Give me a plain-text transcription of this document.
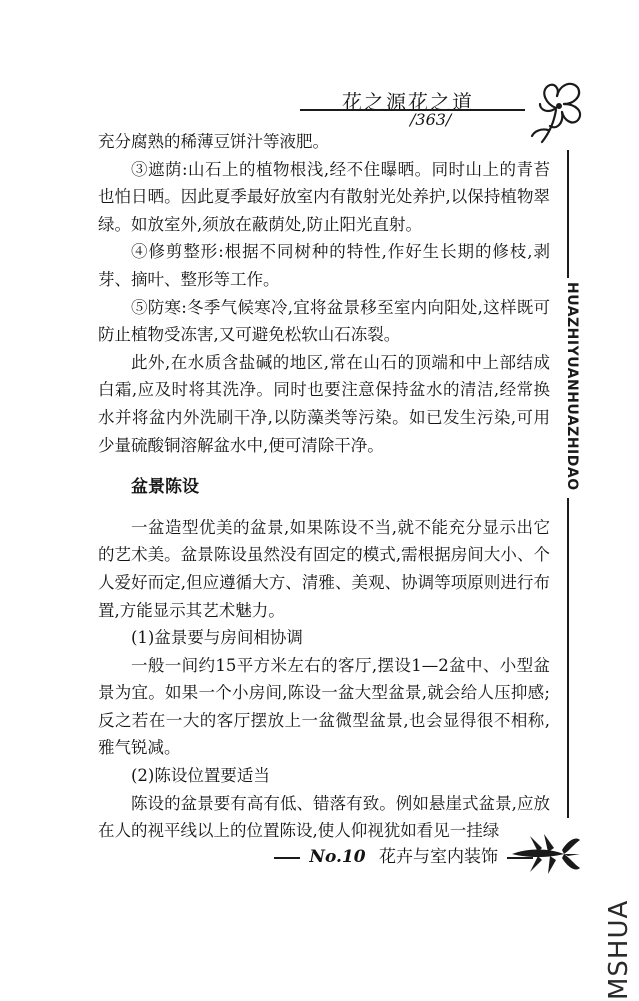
花之源花之道
/363/
HUAZHIYUANHUAZHIDAO

充分腐熟的稀薄豆饼汁等液肥。

③遮荫:山石上的植物根浅,经不住曝晒。同时山上的青苔也怕日晒。因此夏季最好放室内有散射光处养护,以保持植物翠绿。如放室外,须放在蔽荫处,防止阳光直射。

④修剪整形:根据不同树种的特性,作好生长期的修枝,剥芽、摘叶、整形等工作。

⑤防寒:冬季气候寒冷,宜将盆景移至室内向阳处,这样既可防止植物受冻害,又可避免松软山石冻裂。

此外,在水质含盐碱的地区,常在山石的顶端和中上部结成白霜,应及时将其洗净。同时也要注意保持盆水的清洁,经常换水并将盆内外洗刷干净,以防藻类等污染。如已发生污染,可用少量硫酸铜溶解盆水中,便可清除干净。

盆景陈设

一盆造型优美的盆景,如果陈设不当,就不能充分显示出它的艺术美。盆景陈设虽然没有固定的模式,需根据房间大小、个人爱好而定,但应遵循大方、清雅、美观、协调等项原则进行布置,方能显示其艺术魅力。

(1)盆景要与房间相协调

一般一间约15平方米左右的客厅,摆设1—2盆中、小型盆景为宜。如果一个小房间,陈设一盆大型盆景,就会给人压抑感;反之若在一大的客厅摆放上一盆微型盆景,也会显得很不相称,雅气锐减。

(2)陈设位置要适当

陈设的盆景要有高有低、错落有致。例如悬崖式盆景,应放在人的视平线以上的位置陈设,使人仰视犹如看见一挂绿

No.10 花卉与室内装饰
MSHUA
